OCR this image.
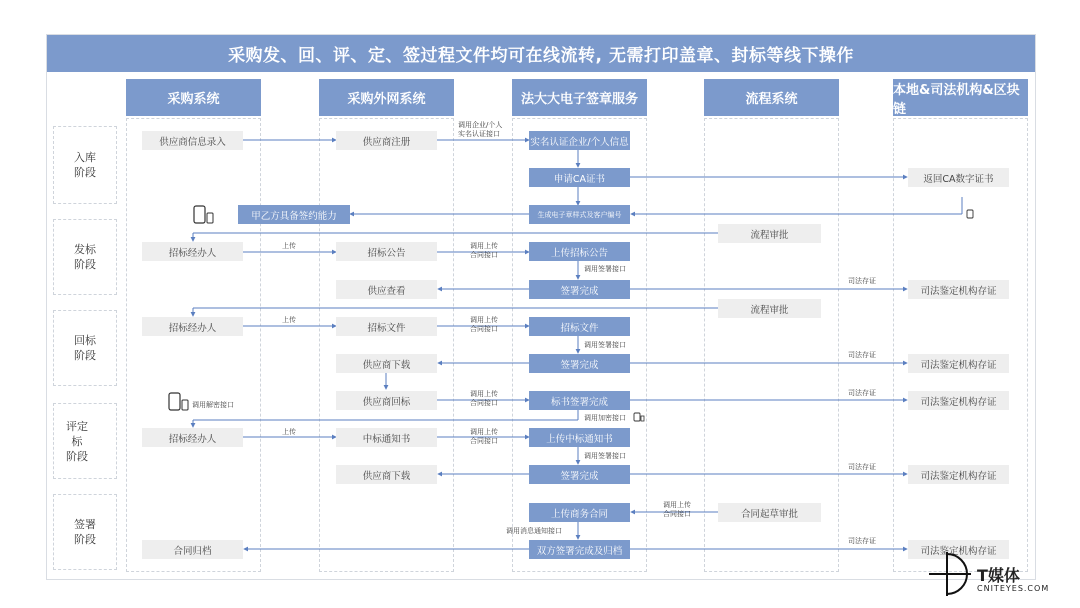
采购发、回、评、定、签过程文件均可在线流转, 无需打印盖章、封标等线下操作
采购系统	采购外网系统	法大大电子签章服务	流程系统
本地&司法机构&区块链
入库
阶段
发标
阶段
回标
阶段
评定标
阶段
签署
阶段
供应商信息录入	供应商注册	实名认证企业/个人信息
申请CA证书	返回CA数字证书
甲乙方具备签约能力	生成电子章样式及客户编号
流程审批
招标经办人	招标公告	上传招标公告
供应查看	签署完成	司法鉴定机构存证
流程审批
招标经办人	招标文件	招标文件
供应商下载	签署完成	司法鉴定机构存证
供应商回标	标书签署完成	司法鉴定机构存证
招标经办人	中标通知书	上传中标通知书
供应商下载	签署完成	司法鉴定机构存证
上传商务合同	合同起草审批
合同归档	双方签署完成及归档	司法鉴定机构存证
调用企业/个人
实名认证接口
上传	调用上传
合同接口
调用签署接口
司法存证
上传	调用上传
合同接口
调用签署接口
司法存证
调用上传
合同接口
司法存证
调用加密接口
调用解密接口
上传	调用上传
合同接口
调用签署接口
司法存证
调用上传
合同接口
调用消息通知接口
司法存证
T媒体
CNITEYES.COM
